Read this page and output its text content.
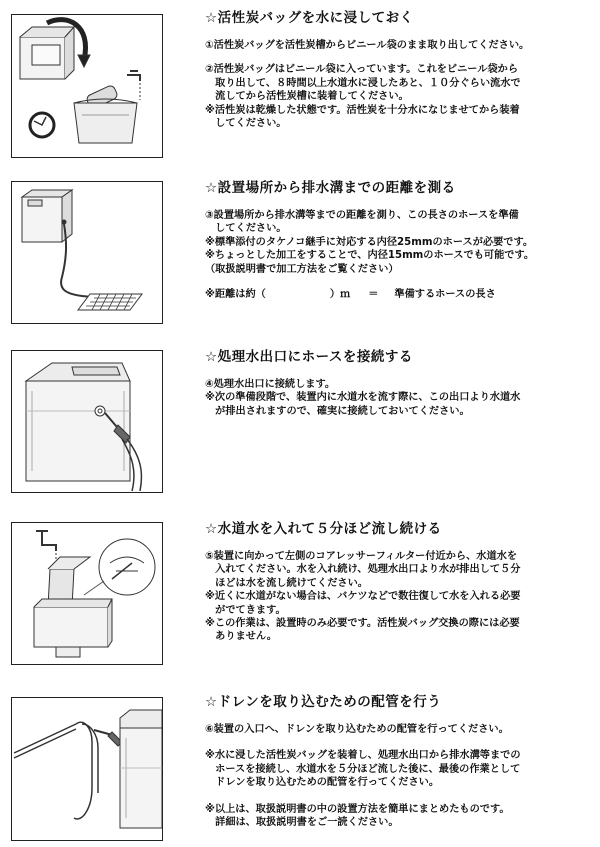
☆活性炭バッグを水に浸しておく
①活性炭バッグを活性炭槽からビニール袋のまま取り出してください。
②活性炭バッグはビニール袋に入っています。これをビニール袋から
　取り出して、８時間以上水道水に浸したあと、１０分ぐらい流水で
　流してから活性炭槽に装着してください。
※活性炭は乾燥した状態です。活性炭を十分水になじませてから装着
　してください。
☆設置場所から排水溝までの距離を測る
③設置場所から排水溝等までの距離を測り、この長さのホースを準備
　してください。
※標準添付のタケノコ継手に対応する内径25mmのホースが必要です。
※ちょっとした加工をすることで、内径15mmのホースでも可能です。
（取扱説明書で加工方法をご覧ください）
※距離は約（	）ｍ ＝ 準備するホースの長さ
☆処理水出口にホースを接続する
④処理水出口に接続します。
※次の準備段階で、装置内に水道水を流す際に、この出口より水道水
　が排出されますので、確実に接続しておいてください。
☆水道水を入れて５分ほど流し続ける
⑤装置に向かって左側のコアレッサーフィルター付近から、水道水を
　入れてください。水を入れ続け、処理水出口より水が排出して５分
　ほどは水を流し続けてください。
※近くに水道がない場合は、バケツなどで数往復して水を入れる必要
　がでてきます。
※この作業は、設置時のみ必要です。活性炭バッグ交換の際には必要
　ありません。
☆ドレンを取り込むための配管を行う
⑥装置の入口へ、ドレンを取り込むための配管を行ってください。
※水に浸した活性炭バッグを装着し、処理水出口から排水溝等までの
　ホースを接続し、水道水を５分ほど流した後に、最後の作業として
　ドレンを取り込むための配管を行ってください。
※以上は、取扱説明書の中の設置方法を簡単にまとめたものです。
　詳細は、取扱説明書をご一読ください。
